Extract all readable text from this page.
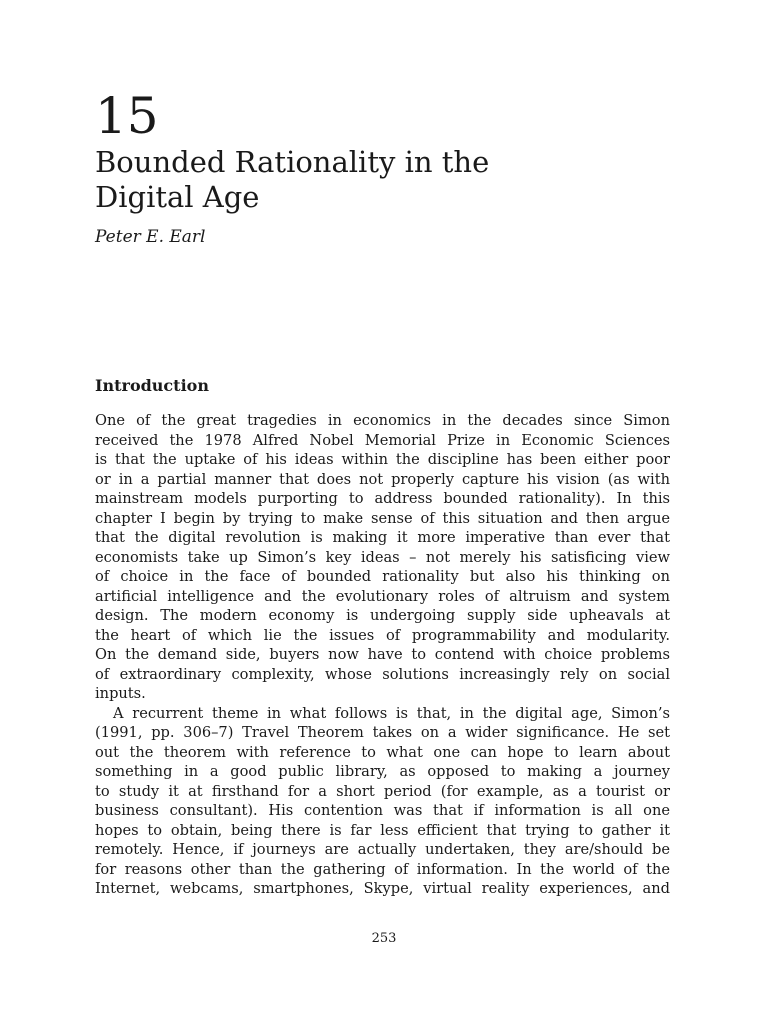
15
Bounded Rationality in the
Digital Age

Peter E. Earl

Introduction
One of the great tragedies in economics in the decades since Simon
received the 1978 Alfred Nobel Memorial Prize in Economic Sciences
is that the uptake of his ideas within the discipline has been either poor
or in a partial manner that does not properly capture his vision (as with
mainstream models purporting to address bounded rationality). In this
chapter I begin by trying to make sense of this situation and then argue
that the digital revolution is making it more imperative than ever that
economists take up Simon’s key ideas – not merely his satisficing view
of choice in the face of bounded rationality but also his thinking on
artificial intelligence and the evolutionary roles of altruism and system
design. The modern economy is undergoing supply side upheavals at
the heart of which lie the issues of programmability and modularity.
On the demand side, buyers now have to contend with choice problems
of extraordinary complexity, whose solutions increasingly rely on social
inputs.
A recurrent theme in what follows is that, in the digital age, Simon’s
(1991, pp. 306–7) Travel Theorem takes on a wider significance. He set
out the theorem with reference to what one can hope to learn about
something in a good public library, as opposed to making a journey
to study it at firsthand for a short period (for example, as a tourist or
business consultant). His contention was that if information is all one
hopes to obtain, being there is far less efficient that trying to gather it
remotely. Hence, if journeys are actually undertaken, they are/should be
for reasons other than the gathering of information. In the world of the
Internet, webcams, smartphones, Skype, virtual reality experiences, and
253
